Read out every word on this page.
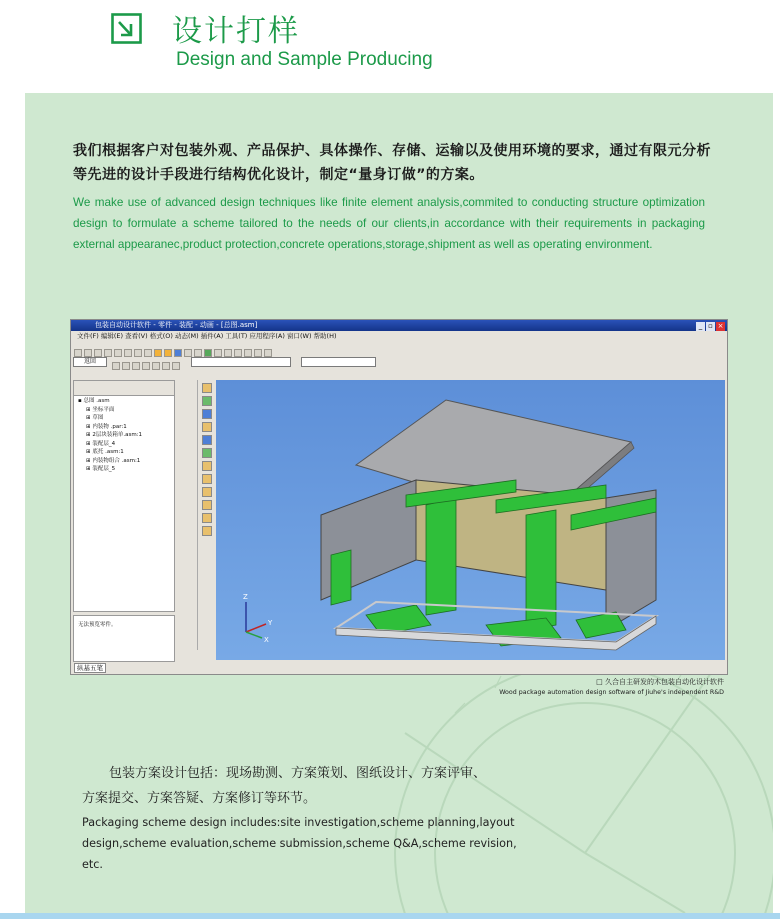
设计打样
Design and Sample Producing
我们根据客户对包装外观、产品保护、具体操作、存储、运输以及使用环境的要求，通过有限元分析等先进的设计手段进行结构优化设计，制定“量身订做”的方案。
We make use of advanced design techniques like finite element analysis,commited to conducting structure optimization design to formulate a scheme tailored to the needs of our clients,in accordance with their requirements in packaging external appearanec,product protection,concrete operations,storage,shipment as well as operating environment.
包装自动设计软件 - 零件 - 装配 - 动画 - [总图.asm]	_ ▫ ×
文件(F) 编辑(E) 查看(V) 格式(O) 动态(M) 插件(A) 工具(T) 应用程序(A) 窗口(W) 帮助(H)
返回
▪ 总图 .asm
⊞ 坐标平面
⊞ 草图
⊞ 内装物 .par:1
⊞ 2层块装箱单.asm:1
⊞ 装配层_4
⊞ 底托 .asm:1
⊞ 内装物组合 .asm:1
⊞ 装配层_5
无法预览零件。
Z
Y
X
纵基五笔
□ 久合自主研发的木包装自动化设计软件
Wood package automation design software of Jiuhe's independent R&D
包装方案设计包括：现场勘测、方案策划、图纸设计、方案评审、
方案提交、方案答疑、方案修订等环节。
Packaging scheme design includes:site investigation,scheme planning,layout design,scheme evaluation,scheme submission,scheme Q&A,scheme revision, etc.
